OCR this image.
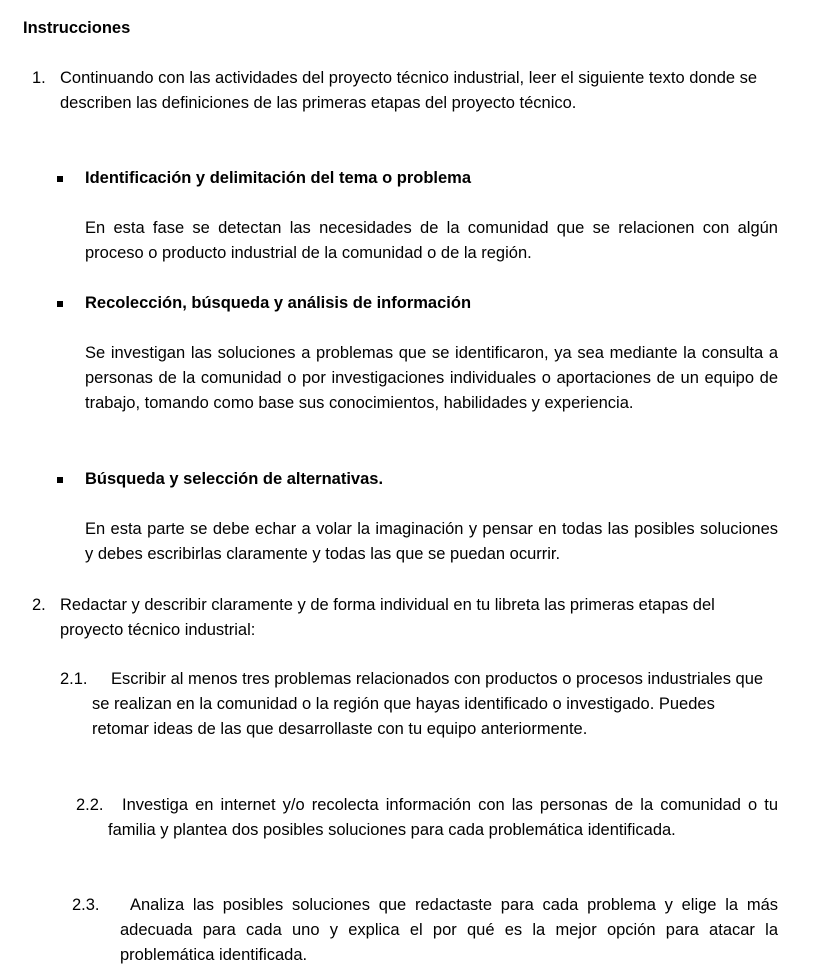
Instrucciones
1. Continuando con las actividades del proyecto técnico industrial, leer el siguiente texto donde se describen las definiciones de las primeras etapas del proyecto técnico.
Identificación y delimitación del tema o problema
En esta fase se detectan las necesidades de la comunidad que se relacionen con algún proceso o producto industrial de la comunidad o de la región.
Recolección, búsqueda y análisis de información
Se investigan las soluciones a problemas que se identificaron, ya sea mediante la consulta a personas de la comunidad o por investigaciones individuales o aportaciones de un equipo de trabajo, tomando como base sus conocimientos, habilidades y experiencia.
Búsqueda y selección de alternativas.
En esta parte se debe echar a volar la imaginación y pensar en todas las posibles soluciones y debes escribirlas claramente y todas las que se puedan ocurrir.
2. Redactar y describir claramente y de forma individual en tu libreta las primeras etapas del proyecto técnico industrial:
2.1.	Escribir al menos tres problemas relacionados con productos o procesos industriales que se realizan en la comunidad o la región que hayas identificado o investigado. Puedes retomar ideas de las que desarrollaste con tu equipo anteriormente.
2.2.	Investiga en internet y/o recolecta información con las personas de la comunidad o tu familia y plantea dos posibles soluciones para cada problemática identificada.
2.3.	Analiza las posibles soluciones que redactaste para cada problema y elige la más adecuada para cada uno y explica el por qué es la mejor opción para atacar la problemática identificada.
